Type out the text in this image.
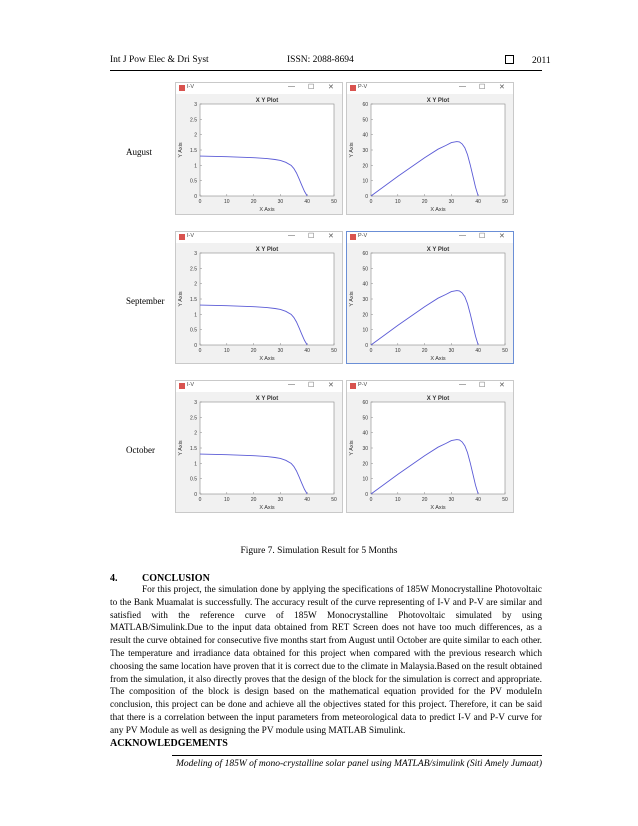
Int J Pow Elec & Dri Syst	ISSN: 2088-8694	2011
August
September
October
I-V	— ☐ ✕
X Y Plot
0	10	20	30	40	50
0
0.5
1
1.5
2
2.5
3
X Axis
Y Axis
P-V	— ☐ ✕
X Y Plot
0	10	20	30	40	50
0
10
20
30
40
50
60
X Axis
Y Axis
I-V	— ☐ ✕
X Y Plot
0	10	20	30	40	50
0
0.5
1
1.5
2
2.5
3
X Axis
Y Axis
P-V	— ☐ ✕
X Y Plot
0	10	20	30	40	50
0
10
20
30
40
50
60
X Axis
Y Axis
I-V	— ☐ ✕
X Y Plot
0	10	20	30	40	50
0
0.5
1
1.5
2
2.5
3
X Axis
Y Axis
P-V	— ☐ ✕
X Y Plot
0	10	20	30	40	50
0
10
20
30
40
50
60
X Axis
Y Axis
Figure 7. Simulation Result for 5 Months
4. CONCLUSION
For this project, the simulation done by applying the specifications of 185W Monocrystalline Photovoltaic to the Bank Muamalat is successfully. The accuracy result of the curve representing of I-V and P-V are similar and satisfied with the reference curve of 185W Monocrystalline Photovoltaic simulated by using MATLAB/Simulink.Due to the input data obtained from RET Screen does not have too much differences, as a result the curve obtained for consecutive five months start from August until October are quite similar to each other. The temperature and irradiance data obtained for this project when compared with the previous research which choosing the same location have proven that it is correct due to the climate in Malaysia.Based on the result obtained from the simulation, it also directly proves that the design of the block for the simulation is correct and appropriate. The composition of the block is design based on the mathematical equation provided for the PV moduleIn conclusion, this project can be done and achieve all the objectives stated for this project. Therefore, it can be said that there is a correlation between the input parameters from meteorological data to predict I-V and P-V curve for any PV Module as well as designing the PV module using MATLAB Simulink.
ACKNOWLEDGEMENTS
Modeling of 185W of mono-crystalline solar panel using MATLAB/simulink (Siti Amely Jumaat)
